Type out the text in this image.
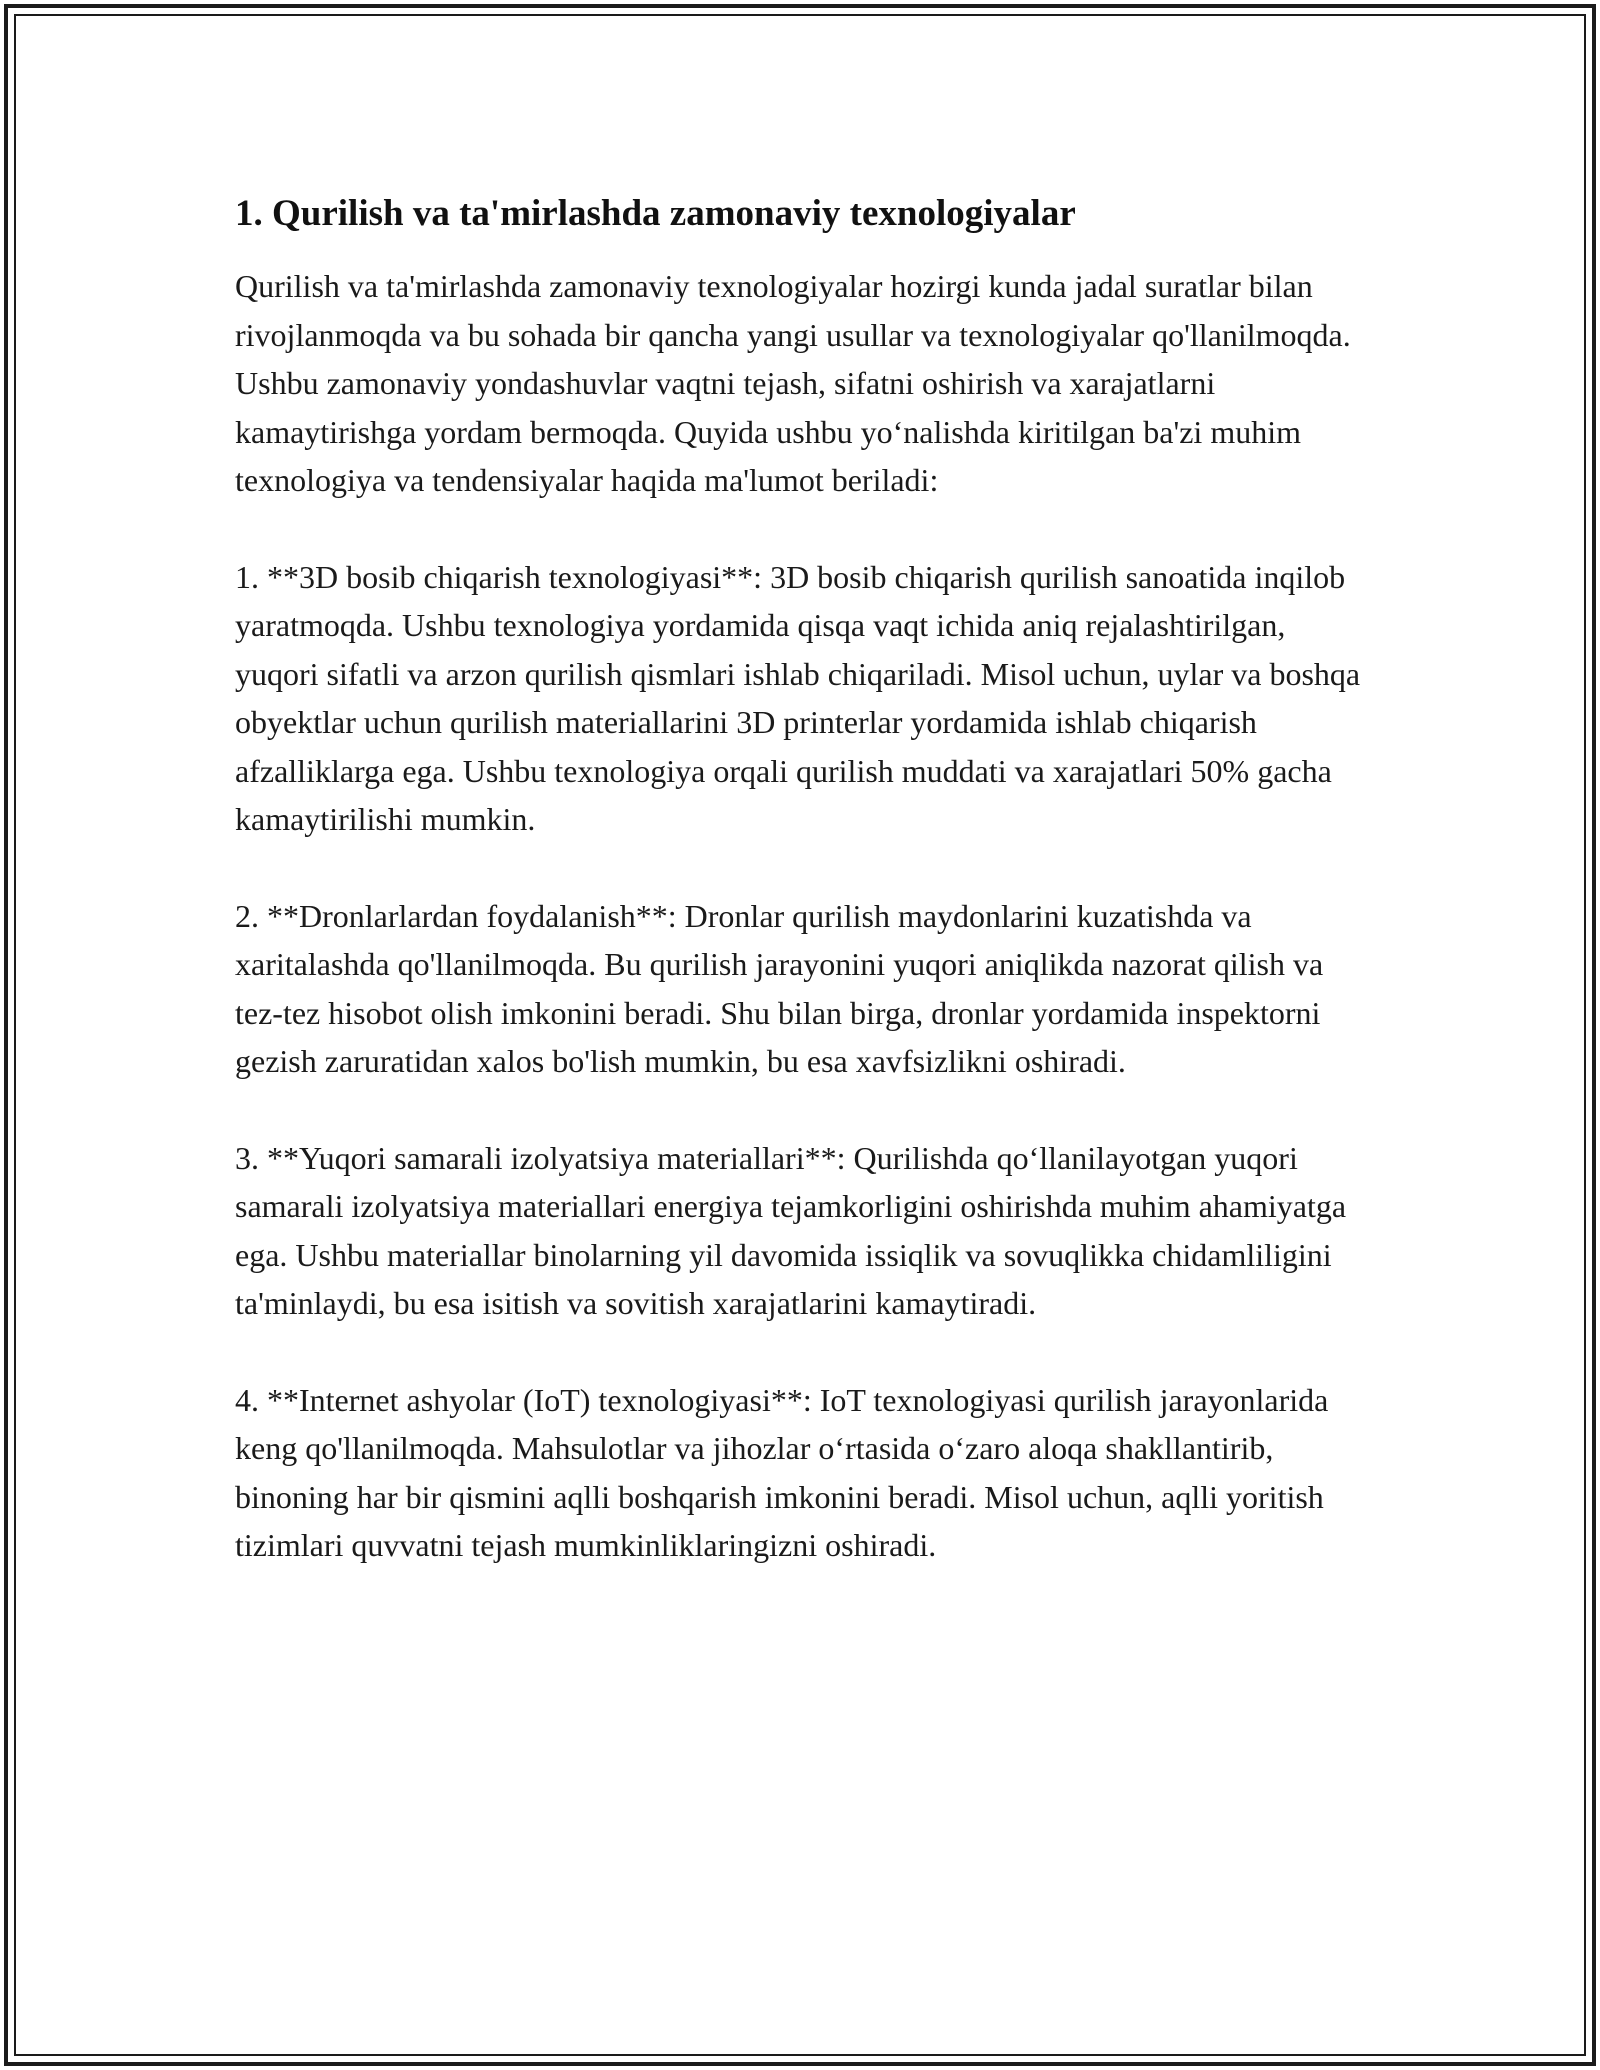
1. Qurilish va ta'mirlashda zamonaviy texnologiyalar

Qurilish va ta'mirlashda zamonaviy texnologiyalar hozirgi kunda jadal suratlar bilan rivojlanmoqda va bu sohada bir qancha yangi usullar va texnologiyalar qo'llanilmoqda. Ushbu zamonaviy yondashuvlar vaqtni tejash, sifatni oshirish va xarajatlarni kamaytirishga yordam bermoqda. Quyida ushbu yo‘nalishda kiritilgan ba'zi muhim texnologiya va tendensiyalar haqida ma'lumot beriladi:

1. **3D bosib chiqarish texnologiyasi**: 3D bosib chiqarish qurilish sanoatida inqilob yaratmoqda. Ushbu texnologiya yordamida qisqa vaqt ichida aniq rejalashtirilgan, yuqori sifatli va arzon qurilish qismlari ishlab chiqariladi. Misol uchun, uylar va boshqa obyektlar uchun qurilish materiallarini 3D printerlar yordamida ishlab chiqarish afzalliklarga ega. Ushbu texnologiya orqali qurilish muddati va xarajatlari 50% gacha kamaytirilishi mumkin.

2. **Dronlarlardan foydalanish**: Dronlar qurilish maydonlarini kuzatishda va xaritalashda qo'llanilmoqda. Bu qurilish jarayonini yuqori aniqlikda nazorat qilish va tez-tez hisobot olish imkonini beradi. Shu bilan birga, dronlar yordamida inspektorni gezish zaruratidan xalos bo'lish mumkin, bu esa xavfsizlikni oshiradi.

3. **Yuqori samarali izolyatsiya materiallari**: Qurilishda qo‘llanilayotgan yuqori samarali izolyatsiya materiallari energiya tejamkorligini oshirishda muhim ahamiyatga ega. Ushbu materiallar binolarning yil davomida issiqlik va sovuqlikka chidamliligini ta'minlaydi, bu esa isitish va sovitish xarajatlarini kamaytiradi.

4. **Internet ashyolar (IoT) texnologiyasi**: IoT texnologiyasi qurilish jarayonlarida keng qo'llanilmoqda. Mahsulotlar va jihozlar o‘rtasida o‘zaro aloqa shakllantirib, binoning har bir qismini aqlli boshqarish imkonini beradi. Misol uchun, aqlli yoritish tizimlari quvvatni tejash mumkinliklaringizni oshiradi.
